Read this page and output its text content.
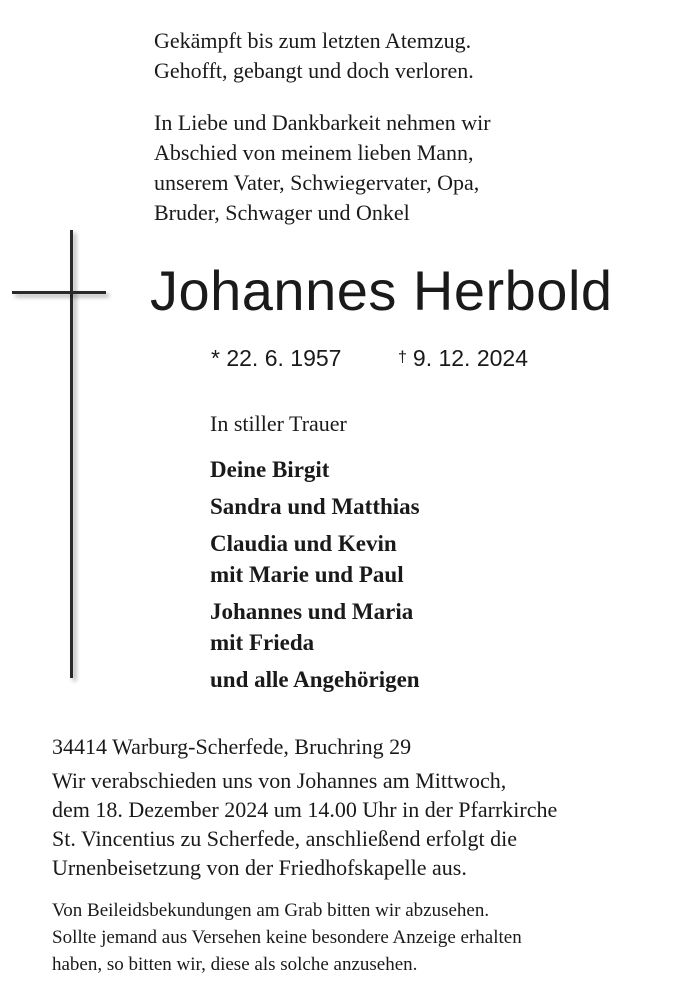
Gekämpft bis zum letzten Atemzug.
Gehofft, gebangt und doch verloren.
In Liebe und Dankbarkeit nehmen wir
Abschied von meinem lieben Mann,
unserem Vater, Schwiegervater, Opa,
Bruder, Schwager und Onkel
Johannes Herbold
* 22. 6. 1957	† 9. 12. 2024
In stiller Trauer
Deine Birgit
Sandra und Matthias
Claudia und Kevin
mit Marie und Paul
Johannes und Maria
mit Frieda
und alle Angehörigen
34414 Warburg-Scherfede, Bruchring 29
Wir verabschieden uns von Johannes am Mittwoch,
dem 18. Dezember 2024 um 14.00 Uhr in der Pfarrkirche
St. Vincentius zu Scherfede, anschließend erfolgt die
Urnenbeisetzung von der Friedhofskapelle aus.
Von Beileidsbekundungen am Grab bitten wir abzusehen.
Sollte jemand aus Versehen keine besondere Anzeige erhalten
haben, so bitten wir, diese als solche anzusehen.
